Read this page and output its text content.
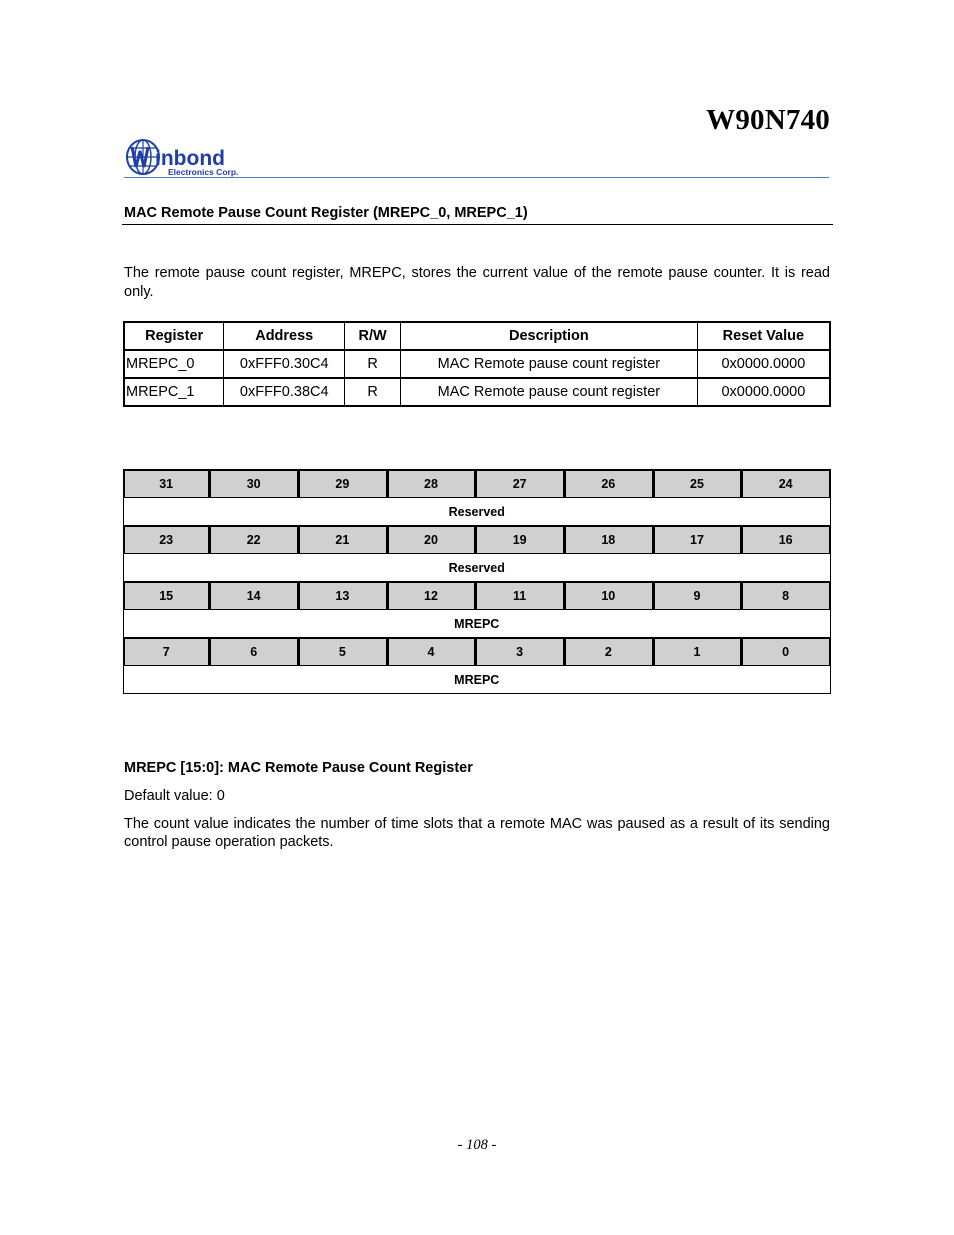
W90N740
inbond
Electronics Corp.
MAC Remote Pause Count Register (MREPC_0, MREPC_1)
The remote pause count register, MREPC, stores the current value of the remote pause counter. It is read only.
Register	Address	R/W	Description	Reset Value
MREPC_0	0xFFF0.30C4	R	MAC Remote pause count register	0x0000.0000
MREPC_1	0xFFF0.38C4	R	MAC Remote pause count register	0x0000.0000
31	30	29	28	27	26	25	24
Reserved							
23	22	21	20	19	18	17	16
Reserved							
15	14	13	12	11	10	9	8
MREPC							
7	6	5	4	3	2	1	0
MREPC							
MREPC [15:0]: MAC Remote Pause Count Register
Default value: 0
The count value indicates the number of time slots that a remote MAC was paused as a result of its sending control pause operation packets.
- 108 -
